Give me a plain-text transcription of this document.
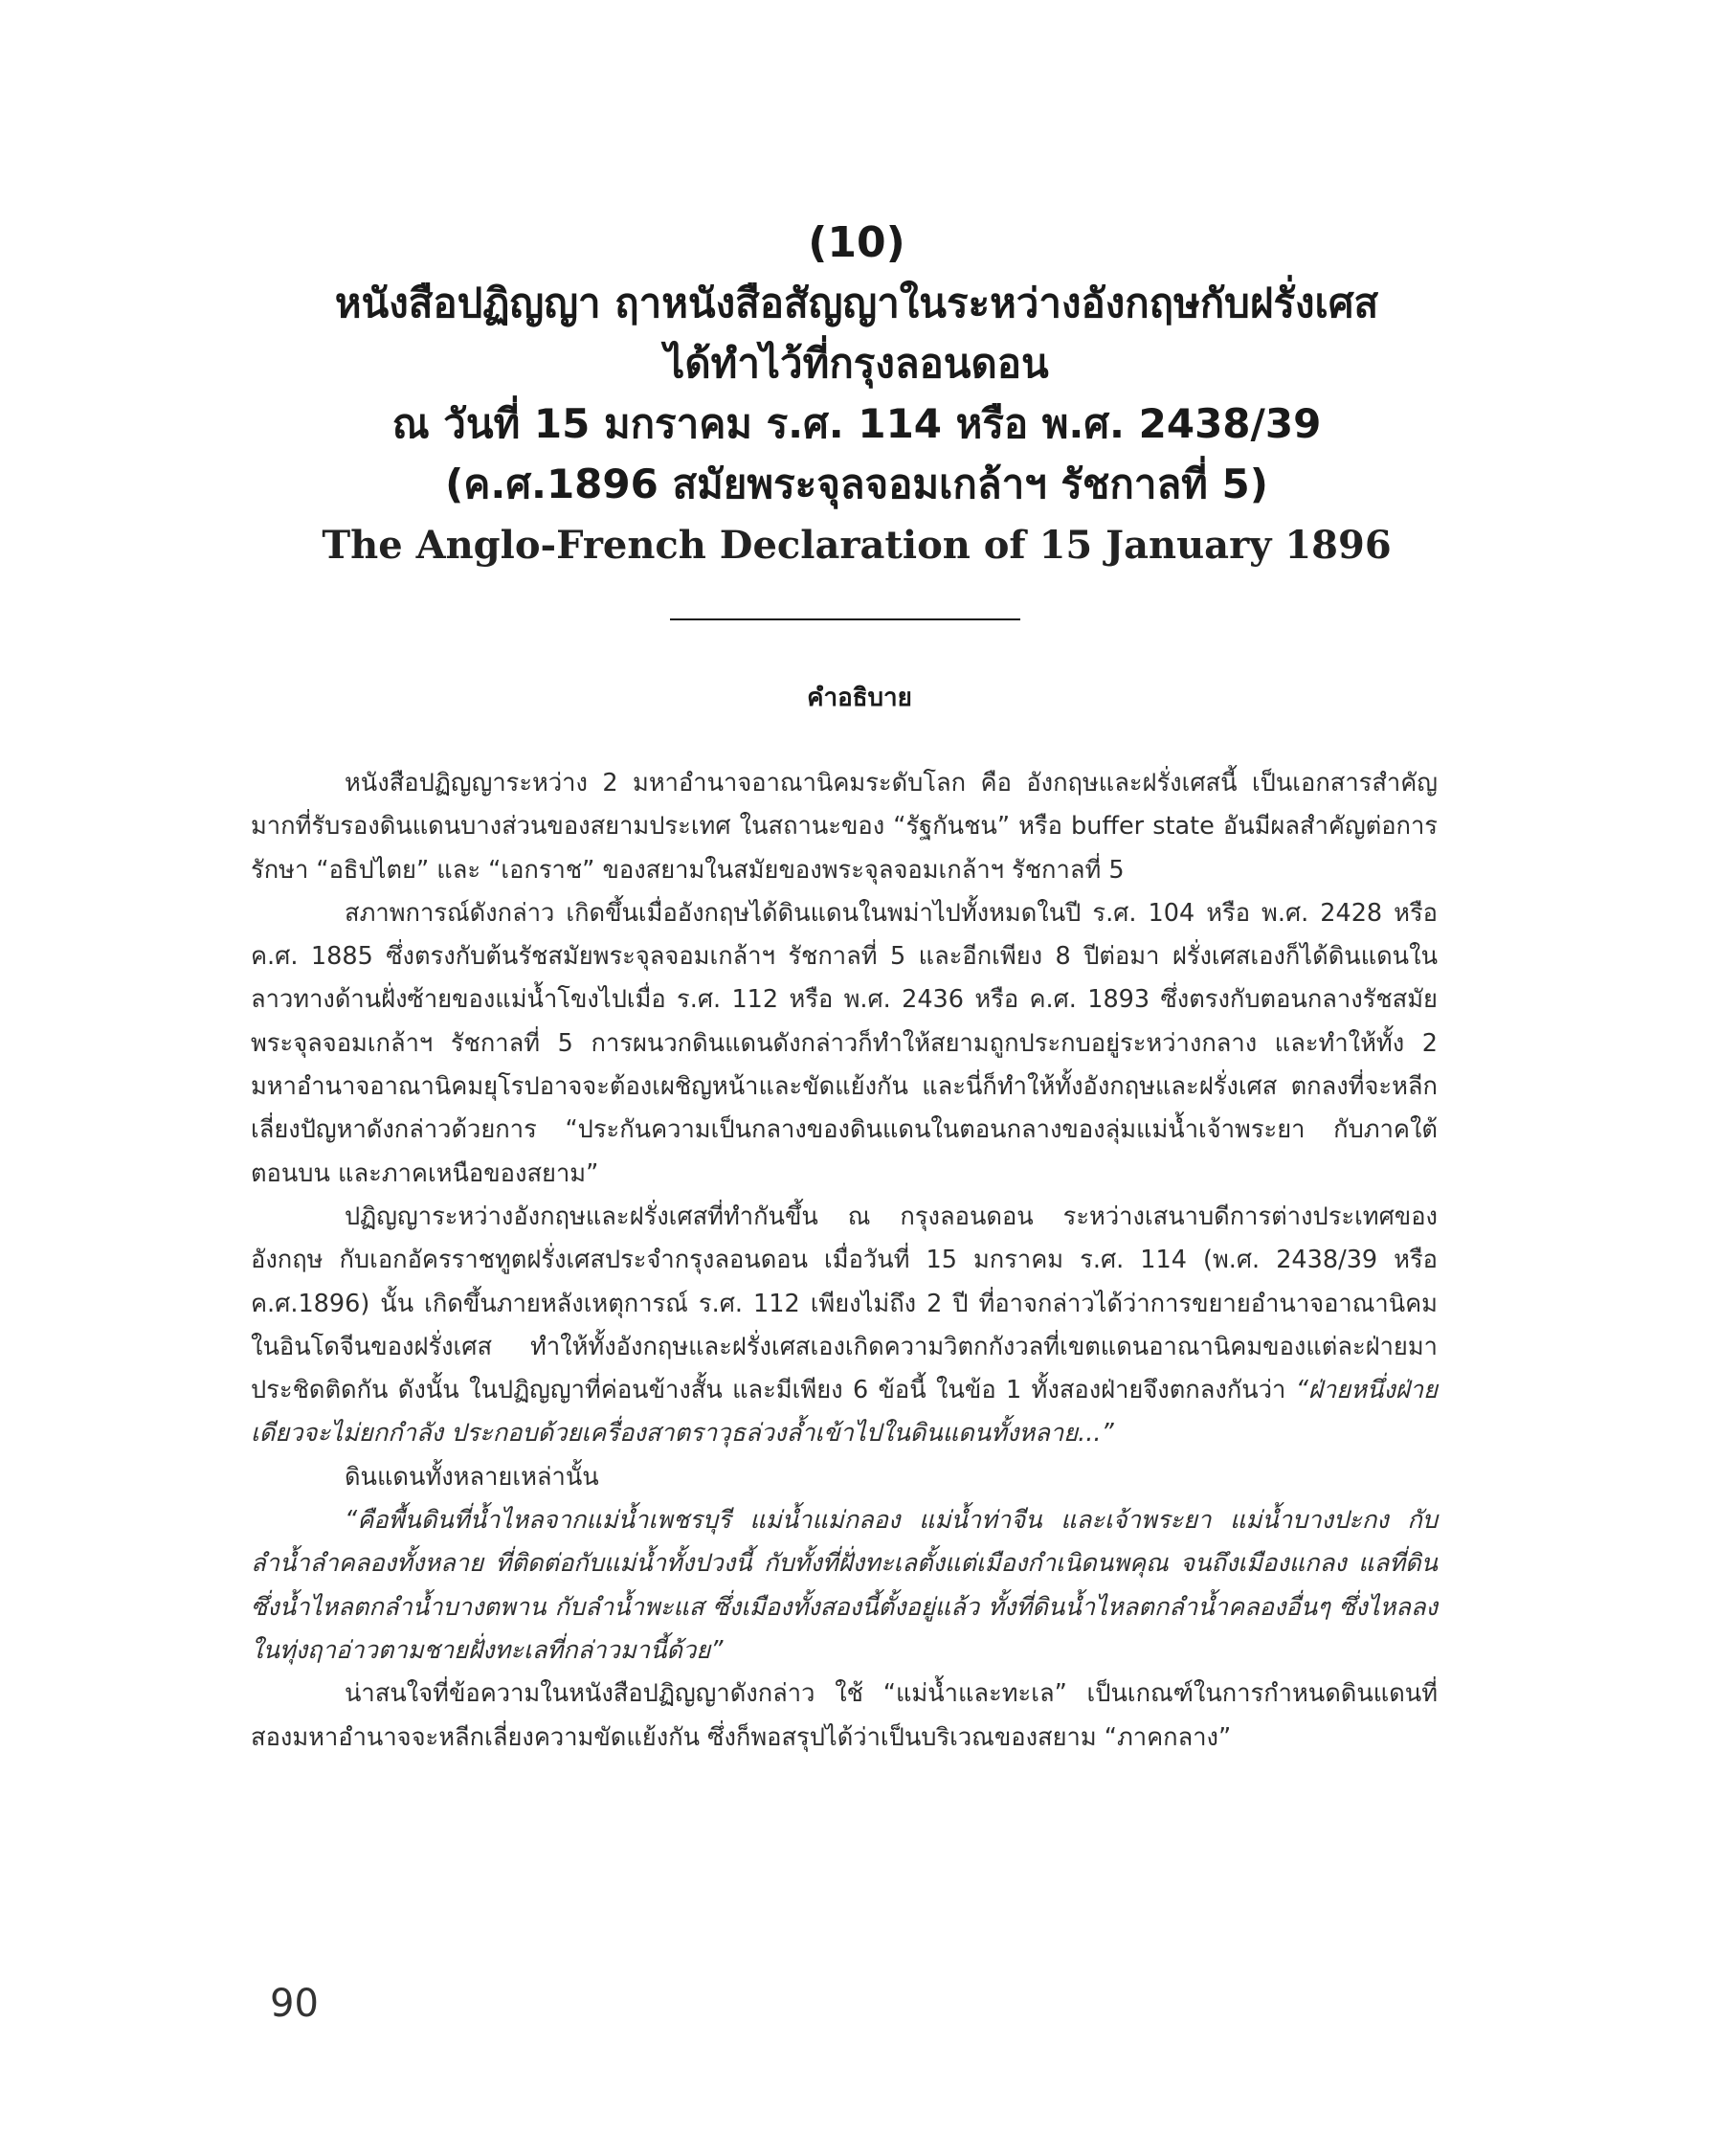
(10)
หนังสือปฏิญญา ฤาหนังสือสัญญาในระหว่างอังกฤษกับฝรั่งเศส
ได้ทำไว้ที่กรุงลอนดอน
ณ วันที่ 15 มกราคม ร.ศ. 114 หรือ พ.ศ. 2438/39
(ค.ศ.1896 สมัยพระจุลจอมเกล้าฯ รัชกาลที่ 5)
The Anglo-French Declaration of 15 January 1896
คำอธิบาย

หนังสือปฏิญญาระหว่าง 2 มหาอำนาจอาณานิคมระดับโลก คือ อังกฤษและฝรั่งเศสนี้ เป็นเอกสารสำคัญมากที่รับรองดินแดนบางส่วนของสยามประเทศ ในสถานะของ “รัฐกันชน” หรือ buffer state อันมีผลสำคัญต่อการรักษา “อธิปไตย” และ “เอกราช” ของสยามในสมัยของพระจุลจอมเกล้าฯ รัชกาลที่ 5

สภาพการณ์ดังกล่าว เกิดขึ้นเมื่ออังกฤษได้ดินแดนในพม่าไปทั้งหมดในปี ร.ศ. 104 หรือ พ.ศ. 2428 หรือ ค.ศ. 1885 ซึ่งตรงกับต้นรัชสมัยพระจุลจอมเกล้าฯ รัชกาลที่ 5 และอีกเพียง 8 ปีต่อมา ฝรั่งเศสเองก็ได้ดินแดนในลาวทางด้านฝั่งซ้ายของแม่น้ำโขงไปเมื่อ ร.ศ. 112 หรือ พ.ศ. 2436 หรือ ค.ศ. 1893 ซึ่งตรงกับตอนกลางรัชสมัยพระจุลจอมเกล้าฯ รัชกาลที่ 5 การผนวกดินแดนดังกล่าวก็ทำให้สยามถูกประกบอยู่ระหว่างกลาง และทำให้ทั้ง 2 มหาอำนาจอาณานิคมยุโรปอาจจะต้องเผชิญหน้าและขัดแย้งกัน และนี่ก็ทำให้ทั้งอังกฤษและฝรั่งเศส ตกลงที่จะหลีกเลี่ยงปัญหาดังกล่าวด้วยการ “ประกันความเป็นกลางของดินแดนในตอนกลางของลุ่มแม่น้ำเจ้าพระยา กับภาคใต้ตอนบน และภาคเหนือของสยาม”

ปฏิญญาระหว่างอังกฤษและฝรั่งเศสที่ทำกันขึ้น ณ กรุงลอนดอน ระหว่างเสนาบดีการต่างประเทศของอังกฤษ กับเอกอัครราชทูตฝรั่งเศสประจำกรุงลอนดอน เมื่อวันที่ 15 มกราคม ร.ศ. 114 (พ.ศ. 2438/39 หรือ ค.ศ.1896) นั้น เกิดขึ้นภายหลังเหตุการณ์ ร.ศ. 112 เพียงไม่ถึง 2 ปี ที่อาจกล่าวได้ว่าการขยายอำนาจอาณานิคมในอินโดจีนของฝรั่งเศส ทำให้ทั้งอังกฤษและฝรั่งเศสเองเกิดความวิตกกังวลที่เขตแดนอาณานิคมของแต่ละฝ่ายมาประชิดติดกัน ดังนั้น ในปฏิญญาที่ค่อนข้างสั้น และมีเพียง 6 ข้อนี้ ในข้อ 1 ทั้งสองฝ่ายจึงตกลงกันว่า “ฝ่ายหนึ่งฝ่ายเดียวจะไม่ยกกำลัง ประกอบด้วยเครื่องสาตราวุธล่วงล้ำเข้าไปในดินแดนทั้งหลาย...”

ดินแดนทั้งหลายเหล่านั้น

“คือพื้นดินที่น้ำไหลจากแม่น้ำเพชรบุรี แม่น้ำแม่กลอง แม่น้ำท่าจีน และเจ้าพระยา แม่น้ำบางปะกง กับลำน้ำลำคลองทั้งหลาย ที่ติดต่อกับแม่น้ำทั้งปวงนี้ กับทั้งที่ฝั่งทะเลตั้งแต่เมืองกำเนิดนพคุณ จนถึงเมืองแกลง แลที่ดินซึ่งน้ำไหลตกลำน้ำบางตพาน กับลำน้ำพะแส ซึ่งเมืองทั้งสองนี้ตั้งอยู่แล้ว ทั้งที่ดินน้ำไหลตกลำน้ำคลองอื่นๆ ซึ่งไหลลงในทุ่งฤาอ่าวตามชายฝั่งทะเลที่กล่าวมานี้ด้วย”

น่าสนใจที่ข้อความในหนังสือปฏิญญาดังกล่าว ใช้ “แม่น้ำและทะเล” เป็นเกณฑ์ในการกำหนดดินแดนที่สองมหาอำนาจจะหลีกเลี่ยงความขัดแย้งกัน ซึ่งก็พอสรุปได้ว่าเป็นบริเวณของสยาม “ภาคกลาง”

90
